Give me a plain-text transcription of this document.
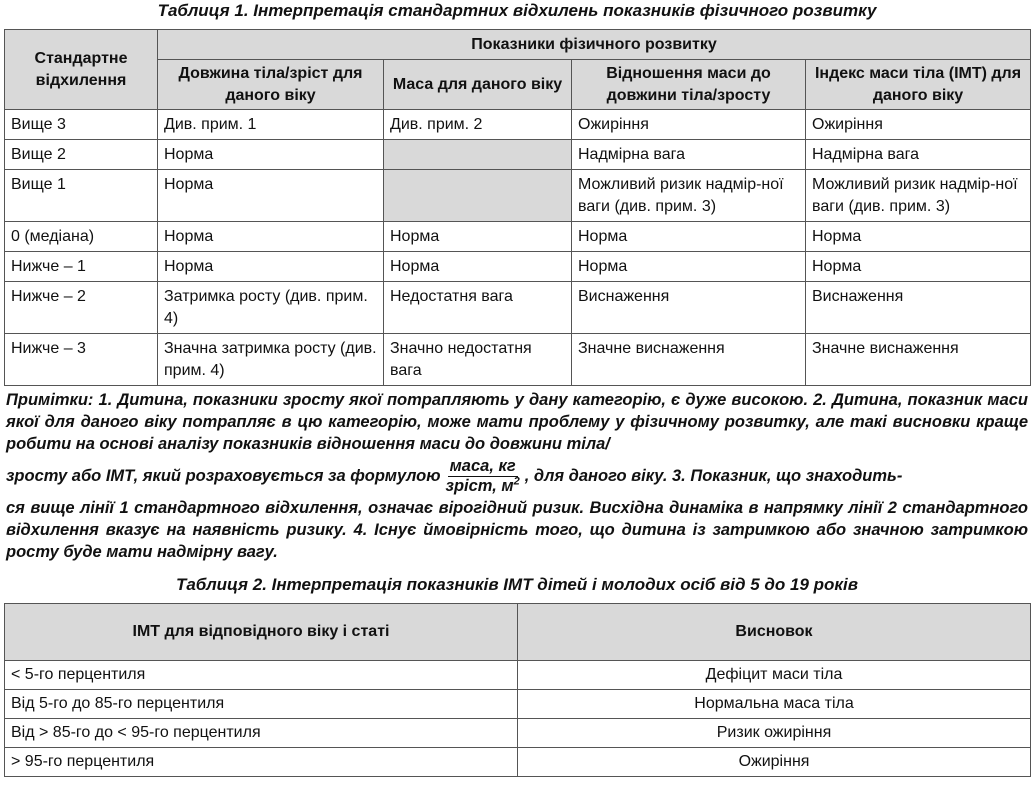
Таблиця 1. Інтерпретація стандартних відхилень показників фізичного розвитку
Стандартне відхилення	Показники фізичного розвитку			
	Довжина тіла/зріст для даного віку	Маса для даного віку	Відношення маси до довжини тіла/зросту	Індекс маси тіла (ІМТ) для даного віку
Вище 3	Див. прим. 1	Див. прим. 2	Ожиріння	Ожиріння
Вище 2	Норма		Надмірна вага	Надмірна вага
Вище 1	Норма		Можливий ризик надмір-ної ваги (див. прим. 3)	Можливий ризик надмір-ної ваги (див. прим. 3)
0 (медіана)	Норма	Норма	Норма	Норма
Нижче – 1	Норма	Норма	Норма	Норма
Нижче – 2	Затримка росту (див. прим. 4)	Недостатня вага	Виснаження	Виснаження
Нижче – 3	Значна затримка росту (див. прим. 4)	Значно недостатня вага	Значне виснаження	Значне виснаження
Примітки: 1. Дитина, показники зросту якої потрапляють у дану категорію, є дуже високою. 2. Дитина, показник маси якої для даного віку потрапляє в цю категорію, може мати проблему у фізичному розвитку, але такі висновки краще робити на основі аналізу показників відношення маси до довжини тіла/
зросту або ІМТ, який розраховується за формулою $\frac{\text{маса, кг}}{зріст, м^2}$ , для даного віку. 3. Показник, що знаходить-
ся вище лінії 1 стандартного відхилення, означає вірогідний ризик. Висхідна динаміка в напрямку лінії 2 стандартного відхилення вказує на наявність ризику. 4. Існує ймовірність того, що дитина із затримкою або значною затримкою росту буде мати надмірну вагу.
Таблиця 2. Інтерпретація показників ІМТ дітей і молодих осіб від 5 до 19 років
ІМТ для відповідного віку і статі	Висновок
< 5-го перцентиля	Дефіцит маси тіла
Від 5-го до 85-го перцентиля	Нормальна маса тіла
Від > 85-го до < 95-го перцентиля	Ризик ожиріння
> 95-го перцентиля	Ожиріння
